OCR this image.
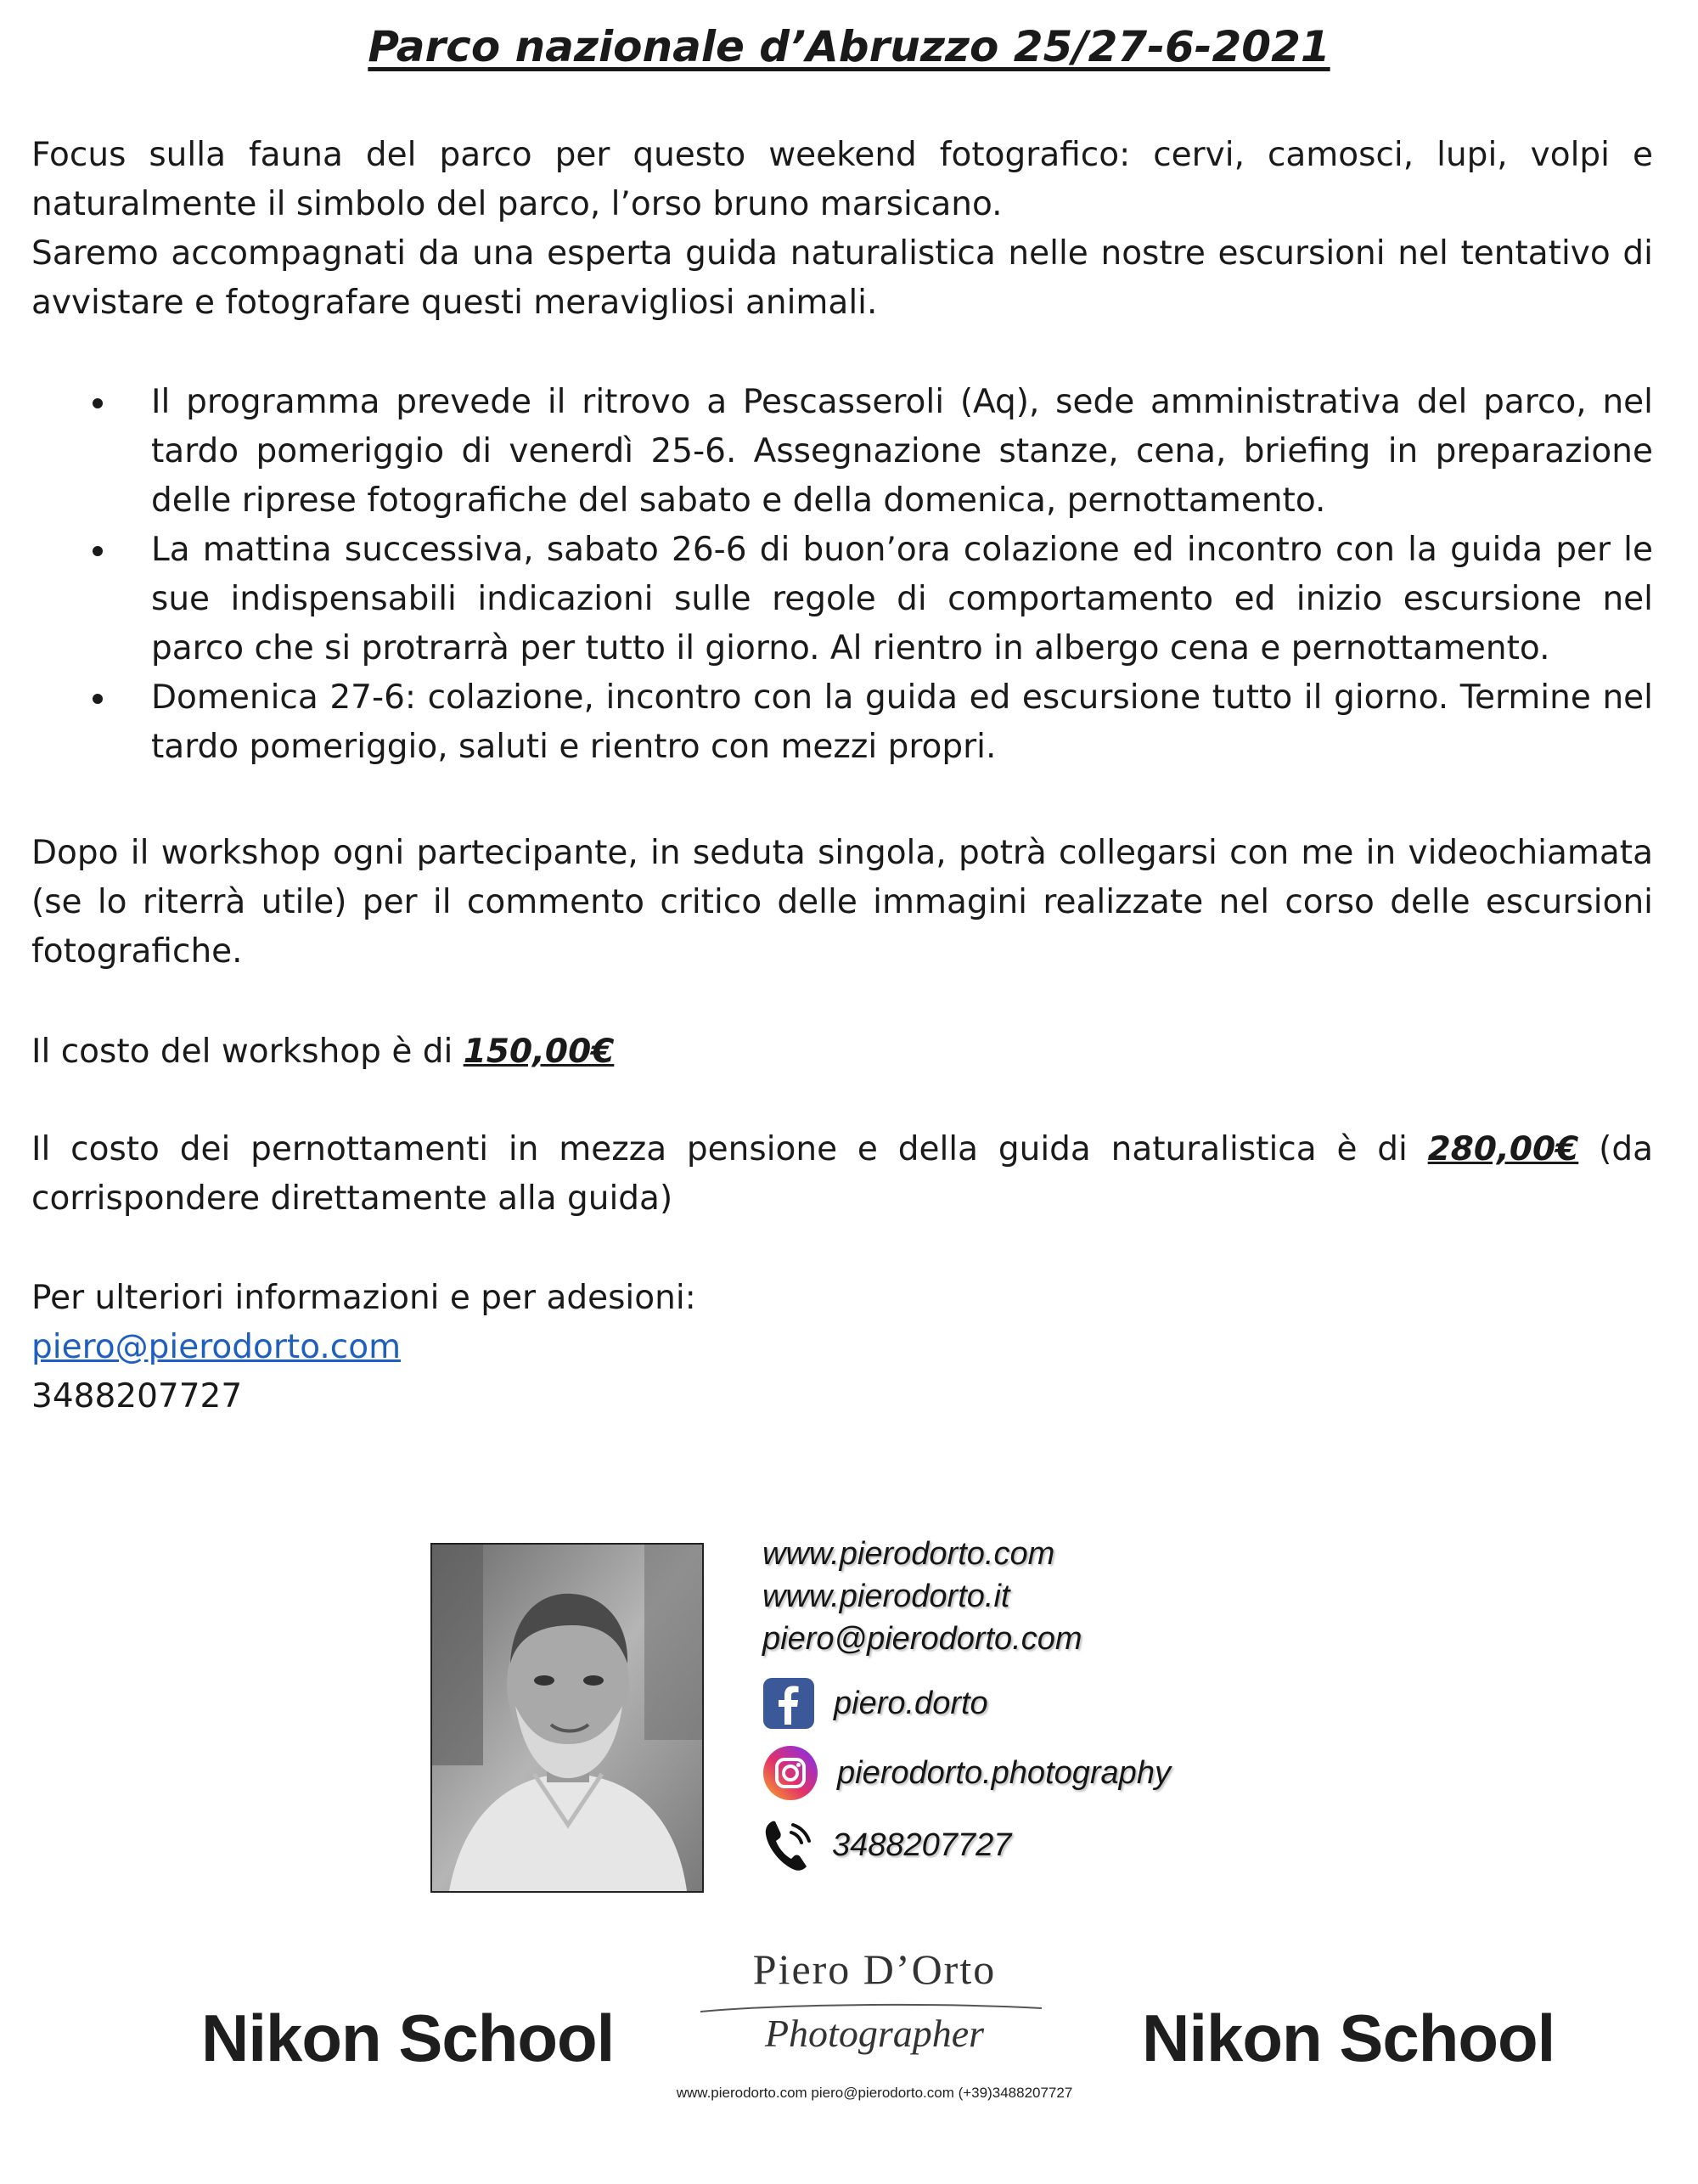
Parco nazionale d’Abruzzo 25/27-6-2021
Focus sulla fauna del parco per questo weekend fotografico: cervi, camosci, lupi, volpi e naturalmente il simbolo del parco, l’orso bruno marsicano.
Saremo accompagnati da una esperta guida naturalistica nelle nostre escursioni nel tentativo di avvistare e fotografare questi meravigliosi animali.
Il programma prevede il ritrovo a Pescasseroli (Aq), sede amministrativa del parco, nel tardo pomeriggio di venerdì 25-6. Assegnazione stanze, cena, briefing in preparazione delle riprese fotografiche del sabato e della domenica, pernottamento.
La mattina successiva, sabato 26-6 di buon’ora colazione ed incontro con la guida per le sue indispensabili indicazioni sulle regole di comportamento ed inizio escursione nel parco che si protrarrà per tutto il giorno. Al rientro in albergo cena e pernottamento.
Domenica 27-6: colazione, incontro con la guida ed escursione tutto il giorno. Termine nel tardo pomeriggio, saluti e rientro con mezzi propri.
Dopo il workshop ogni partecipante, in seduta singola, potrà collegarsi con me in videochiamata (se lo riterrà utile) per il commento critico delle immagini realizzate nel corso delle escursioni fotografiche.
Il costo del workshop è di 150,00€
Il costo dei pernottamenti in mezza pensione e della guida naturalistica è di 280,00€ (da corrispondere direttamente alla guida)
Per ulteriori informazioni e per adesioni:
piero@pierodorto.com
3488207727

www.pierodorto.com

www.pierodorto.it

piero@pierodorto.com

piero.dorto

pierodorto.photography

3488207727

Nikon School	Nikon School

Piero D’Orto

Photographer

www.pierodorto.com piero@pierodorto.com (+39)3488207727
